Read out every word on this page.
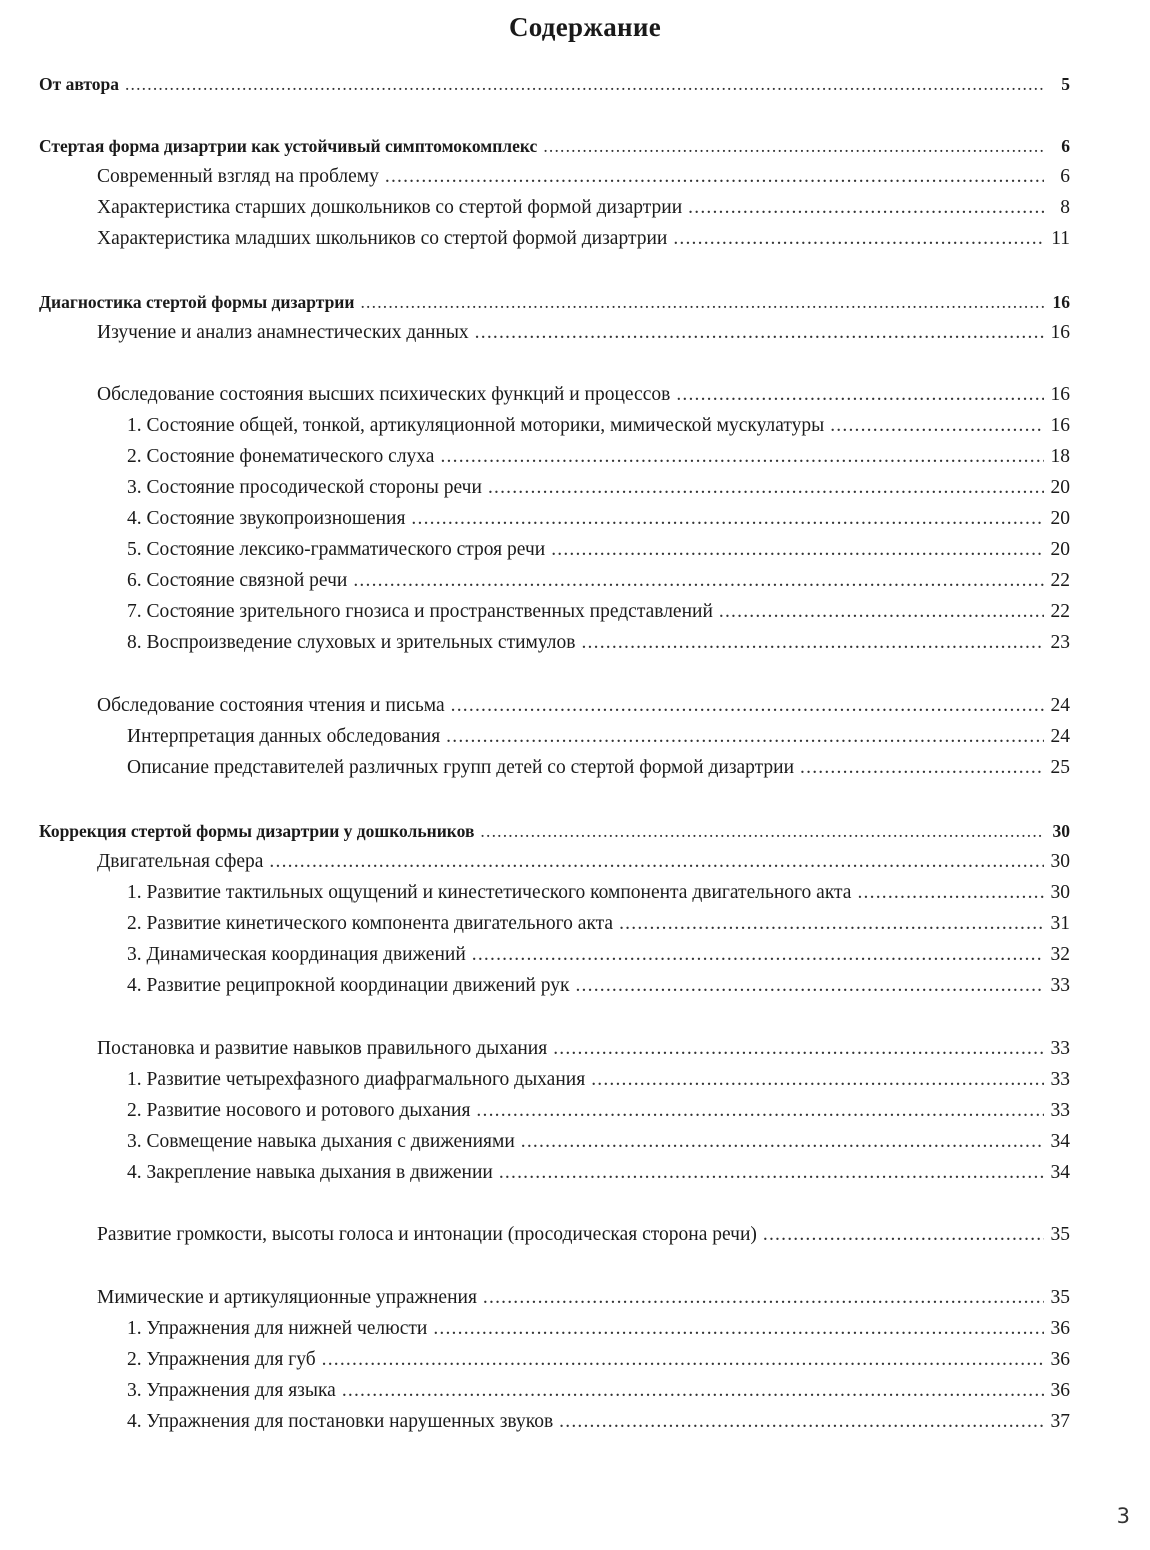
Содержание
От автора .....	5
Стертая форма дизартрии как устойчивый симптомокомплекс .....	6
Современный взгляд на проблему .....	6
Характеристика старших дошкольников со стертой формой дизартрии .....	8
Характеристика младших школьников со стертой формой дизартрии .....	11
Диагностика стертой формы дизартрии .....	16
Изучение и анализ анамнестических данных .....	16
Обследование состояния высших психических функций и процессов .....	16
1. Состояние общей, тонкой, артикуляционной моторики, мимической мускулатуры .....	16
2. Состояние фонематического слуха .....	18
3. Состояние просодической стороны речи .....	20
4. Состояние звукопроизношения .....	20
5. Состояние лексико-грамматического строя речи .....	20
6. Состояние связной речи .....	22
7. Состояние зрительного гнозиса и пространственных представлений .....	22
8. Воспроизведение слуховых и зрительных стимулов .....	23
Обследование состояния чтения и письма .....	24
Интерпретация данных обследования .....	24
Описание представителей различных групп детей со стертой формой дизартрии .....	25
Коррекция стертой формы дизартрии у дошкольников .....	30
Двигательная сфера .....	30
1. Развитие тактильных ощущений и кинестетического компонента двигательного акта .....	30
2. Развитие кинетического компонента двигательного акта .....	31
3. Динамическая координация движений .....	32
4. Развитие реципрокной координации движений рук .....	33
Постановка и развитие навыков правильного дыхания .....	33
1. Развитие четырехфазного диафрагмального дыхания .....	33
2. Развитие носового и ротового дыхания .....	33
3. Совмещение навыка дыхания с движениями .....	34
4. Закрепление навыка дыхания в движении .....	34
Развитие громкости, высоты голоса и интонации (просодическая сторона речи) .....	35
Мимические и артикуляционные упражнения .....	35
1. Упражнения для нижней челюсти .....	36
2. Упражнения для губ .....	36
3. Упражнения для языка .....	36
4. Упражнения для постановки нарушенных звуков .....	37
3
